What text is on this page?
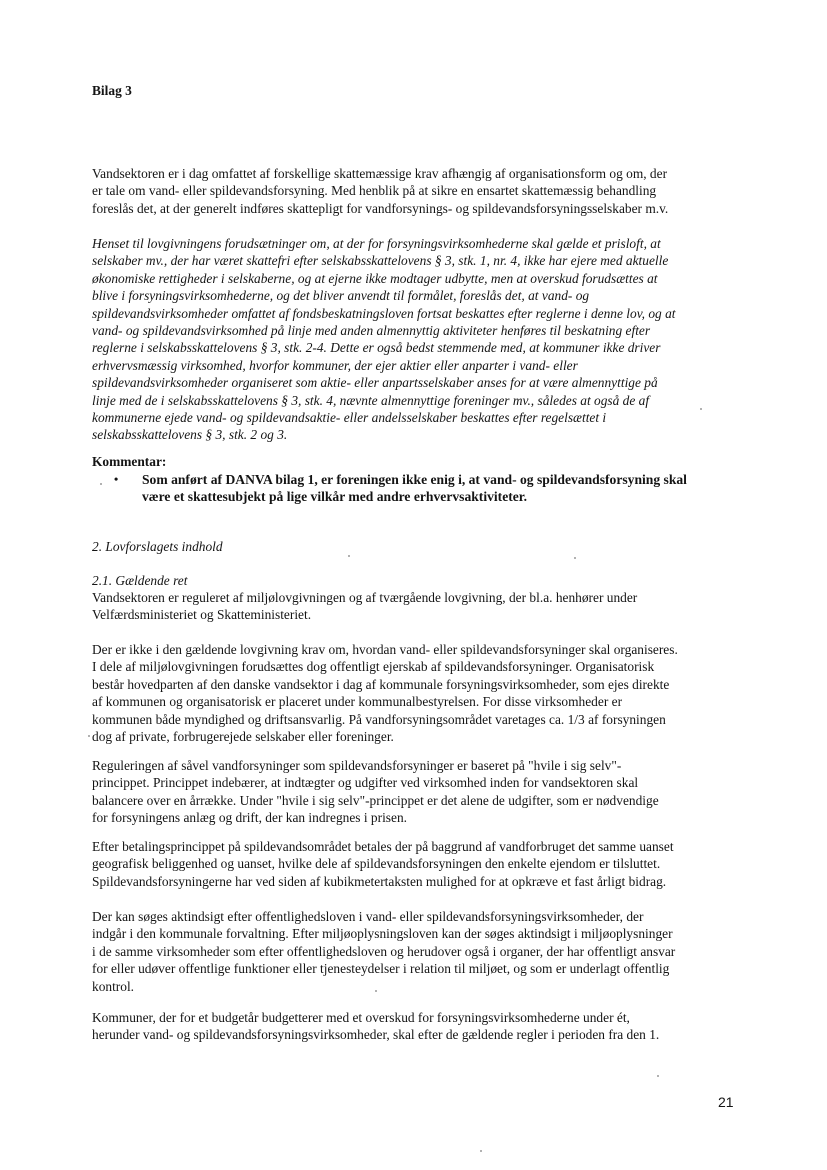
Bilag 3
Vandsektoren er i dag omfattet af forskellige skattemæssige krav afhængig af organisationsform og om, der
er tale om vand- eller spildevandsforsyning. Med henblik på at sikre en ensartet skattemæssig behandling
foreslås det, at der generelt indføres skattepligt for vandforsynings- og spildevandsforsyningsselskaber m.v.
Henset til lovgivningens forudsætninger om, at der for forsyningsvirksomhederne skal gælde et prisloft, at
selskaber mv., der har været skattefri efter selskabsskattelovens § 3, stk. 1, nr. 4, ikke har ejere med aktuelle
økonomiske rettigheder i selskaberne, og at ejerne ikke modtager udbytte, men at overskud forudsættes at
blive i forsyningsvirksomhederne, og det bliver anvendt til formålet, foreslås det, at vand- og
spildevandsvirksomheder omfattet af fondsbeskatningsloven fortsat beskattes efter reglerne i denne lov, og at
vand- og spildevandsvirksomhed på linje med anden almennyttig aktiviteter henføres til beskatning efter
reglerne i selskabsskattelovens § 3, stk. 2-4. Dette er også bedst stemmende med, at kommuner ikke driver
erhvervsmæssig virksomhed, hvorfor kommuner, der ejer aktier eller anparter i vand- eller
spildevandsvirksomheder organiseret som aktie- eller anpartsselskaber anses for at være almennyttige på
linje med de i selskabsskattelovens § 3, stk. 4, nævnte almennyttige foreninger mv., således at også de af
kommunerne ejede vand- og spildevandsaktie- eller andelsselskaber beskattes efter regelsættet i
selskabsskattelovens § 3, stk. 2 og 3.
Kommentar:
• Som anført af DANVA bilag 1, er foreningen ikke enig i, at vand- og spildevandsforsyning skal
være et skattesubjekt på lige vilkår med andre erhvervsaktiviteter.
2. Lovforslagets indhold
2.1. Gældende ret
Vandsektoren er reguleret af miljølovgivningen og af tværgående lovgivning, der bl.a. henhører under
Velfærdsministeriet og Skatteministeriet.
Der er ikke i den gældende lovgivning krav om, hvordan vand- eller spildevandsforsyninger skal organiseres.
I dele af miljølovgivningen forudsættes dog offentligt ejerskab af spildevandsforsyninger. Organisatorisk
består hovedparten af den danske vandsektor i dag af kommunale forsyningsvirksomheder, som ejes direkte
af kommunen og organisatorisk er placeret under kommunalbestyrelsen. For disse virksomheder er
kommunen både myndighed og driftsansvarlig. På vandforsyningsområdet varetages ca. 1/3 af forsyningen
dog af private, forbrugerejede selskaber eller foreninger.
Reguleringen af såvel vandforsyninger som spildevandsforsyninger er baseret på "hvile i sig selv"-
princippet. Princippet indebærer, at indtægter og udgifter ved virksomhed inden for vandsektoren skal
balancere over en årrække. Under "hvile i sig selv"-princippet er det alene de udgifter, som er nødvendige
for forsyningens anlæg og drift, der kan indregnes i prisen.
Efter betalingsprincippet på spildevandsområdet betales der på baggrund af vandforbruget det samme uanset
geografisk beliggenhed og uanset, hvilke dele af spildevandsforsyningen den enkelte ejendom er tilsluttet.
Spildevandsforsyningerne har ved siden af kubikmetertaksten mulighed for at opkræve et fast årligt bidrag.
Der kan søges aktindsigt efter offentlighedsloven i vand- eller spildevandsforsyningsvirksomheder, der
indgår i den kommunale forvaltning. Efter miljøoplysningsloven kan der søges aktindsigt i miljøoplysninger
i de samme virksomheder som efter offentlighedsloven og herudover også i organer, der har offentligt ansvar
for eller udøver offentlige funktioner eller tjenesteydelser i relation til miljøet, og som er underlagt offentlig
kontrol.
Kommuner, der for et budgetår budgetterer med et overskud for forsyningsvirksomhederne under ét,
herunder vand- og spildevandsforsyningsvirksomheder, skal efter de gældende regler i perioden fra den 1.
21
